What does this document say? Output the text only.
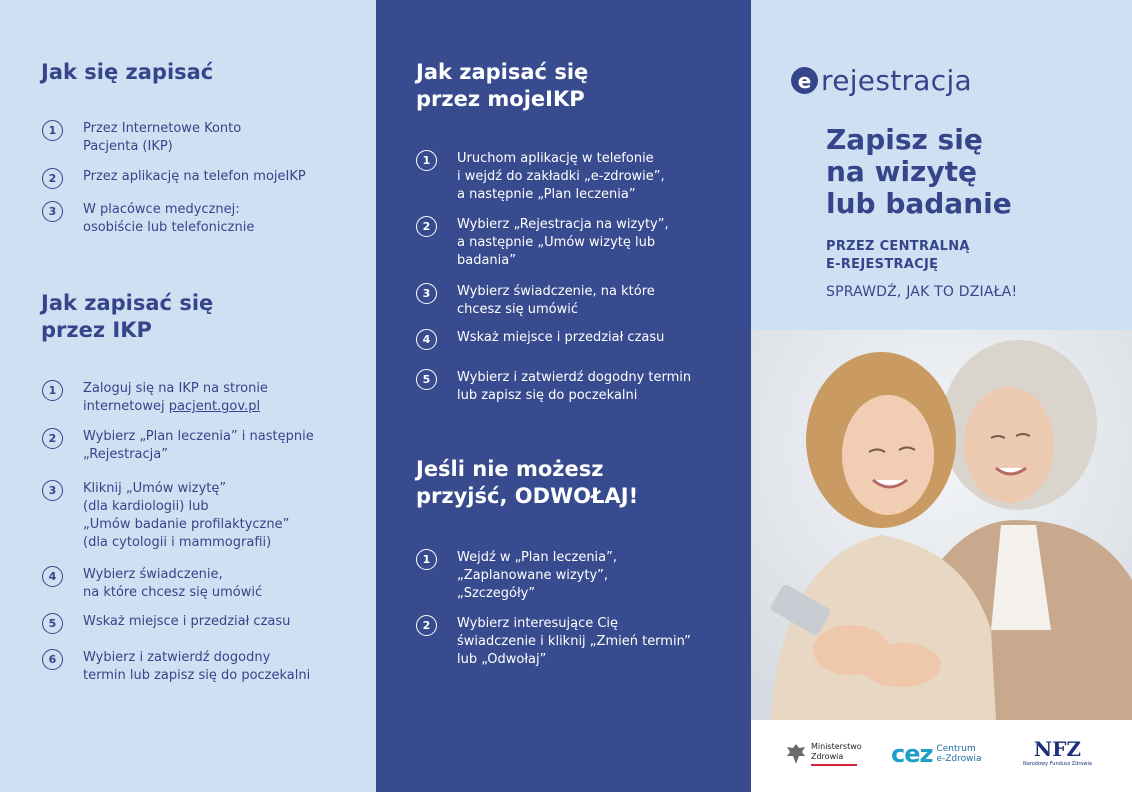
Jak się zapisać
1	Przez Internetowe Konto
Pacjenta (IKP)
2	Przez aplikację na telefon mojeIKP
3	W placówce medycznej:
osobiście lub telefonicznie
Jak zapisać się
przez IKP
1	Zaloguj się na IKP na stronie
internetowej pacjent.gov.pl
2	Wybierz „Plan leczenia” i następnie
„Rejestracja”
3	Kliknij „Umów wizytę”
(dla kardiologii) lub
„Umów badanie profilaktyczne”
(dla cytologii i mammografii)
4	Wybierz świadczenie,
na które chcesz się umówić
5	Wskaż miejsce i przedział czasu
6	Wybierz i zatwierdź dogodny
termin lub zapisz się do poczekalni
Jak zapisać się
przez mojeIKP
1	Uruchom aplikację w telefonie
i wejdź do zakładki „e-zdrowie”,
a następnie „Plan leczenia”
2	Wybierz „Rejestracja na wizyty”,
a następnie „Umów wizytę lub
badania”
3	Wybierz świadczenie, na które
chcesz się umówić
4	Wskaż miejsce i przedział czasu
5	Wybierz i zatwierdź dogodny termin
lub zapisz się do poczekalni
Jeśli nie możesz
przyjść, ODWOŁAJ!
1	Wejdź w „Plan leczenia”,
„Zaplanowane wizyty”,
„Szczegóły”
2	Wybierz interesujące Cię
świadczenie i kliknij „Zmień termin”
lub „Odwołaj”
e rejestracja
Zapisz się
na wizytę
lub badanie
PRZEZ CENTRALNĄ
E-REJESTRACJĘ
SPRAWDŹ, JAK TO DZIAŁA!
Ministerstwo
Zdrowia	cez Centrum
e-Zdrowia	NFZ
Narodowy Fundusz Zdrowia
